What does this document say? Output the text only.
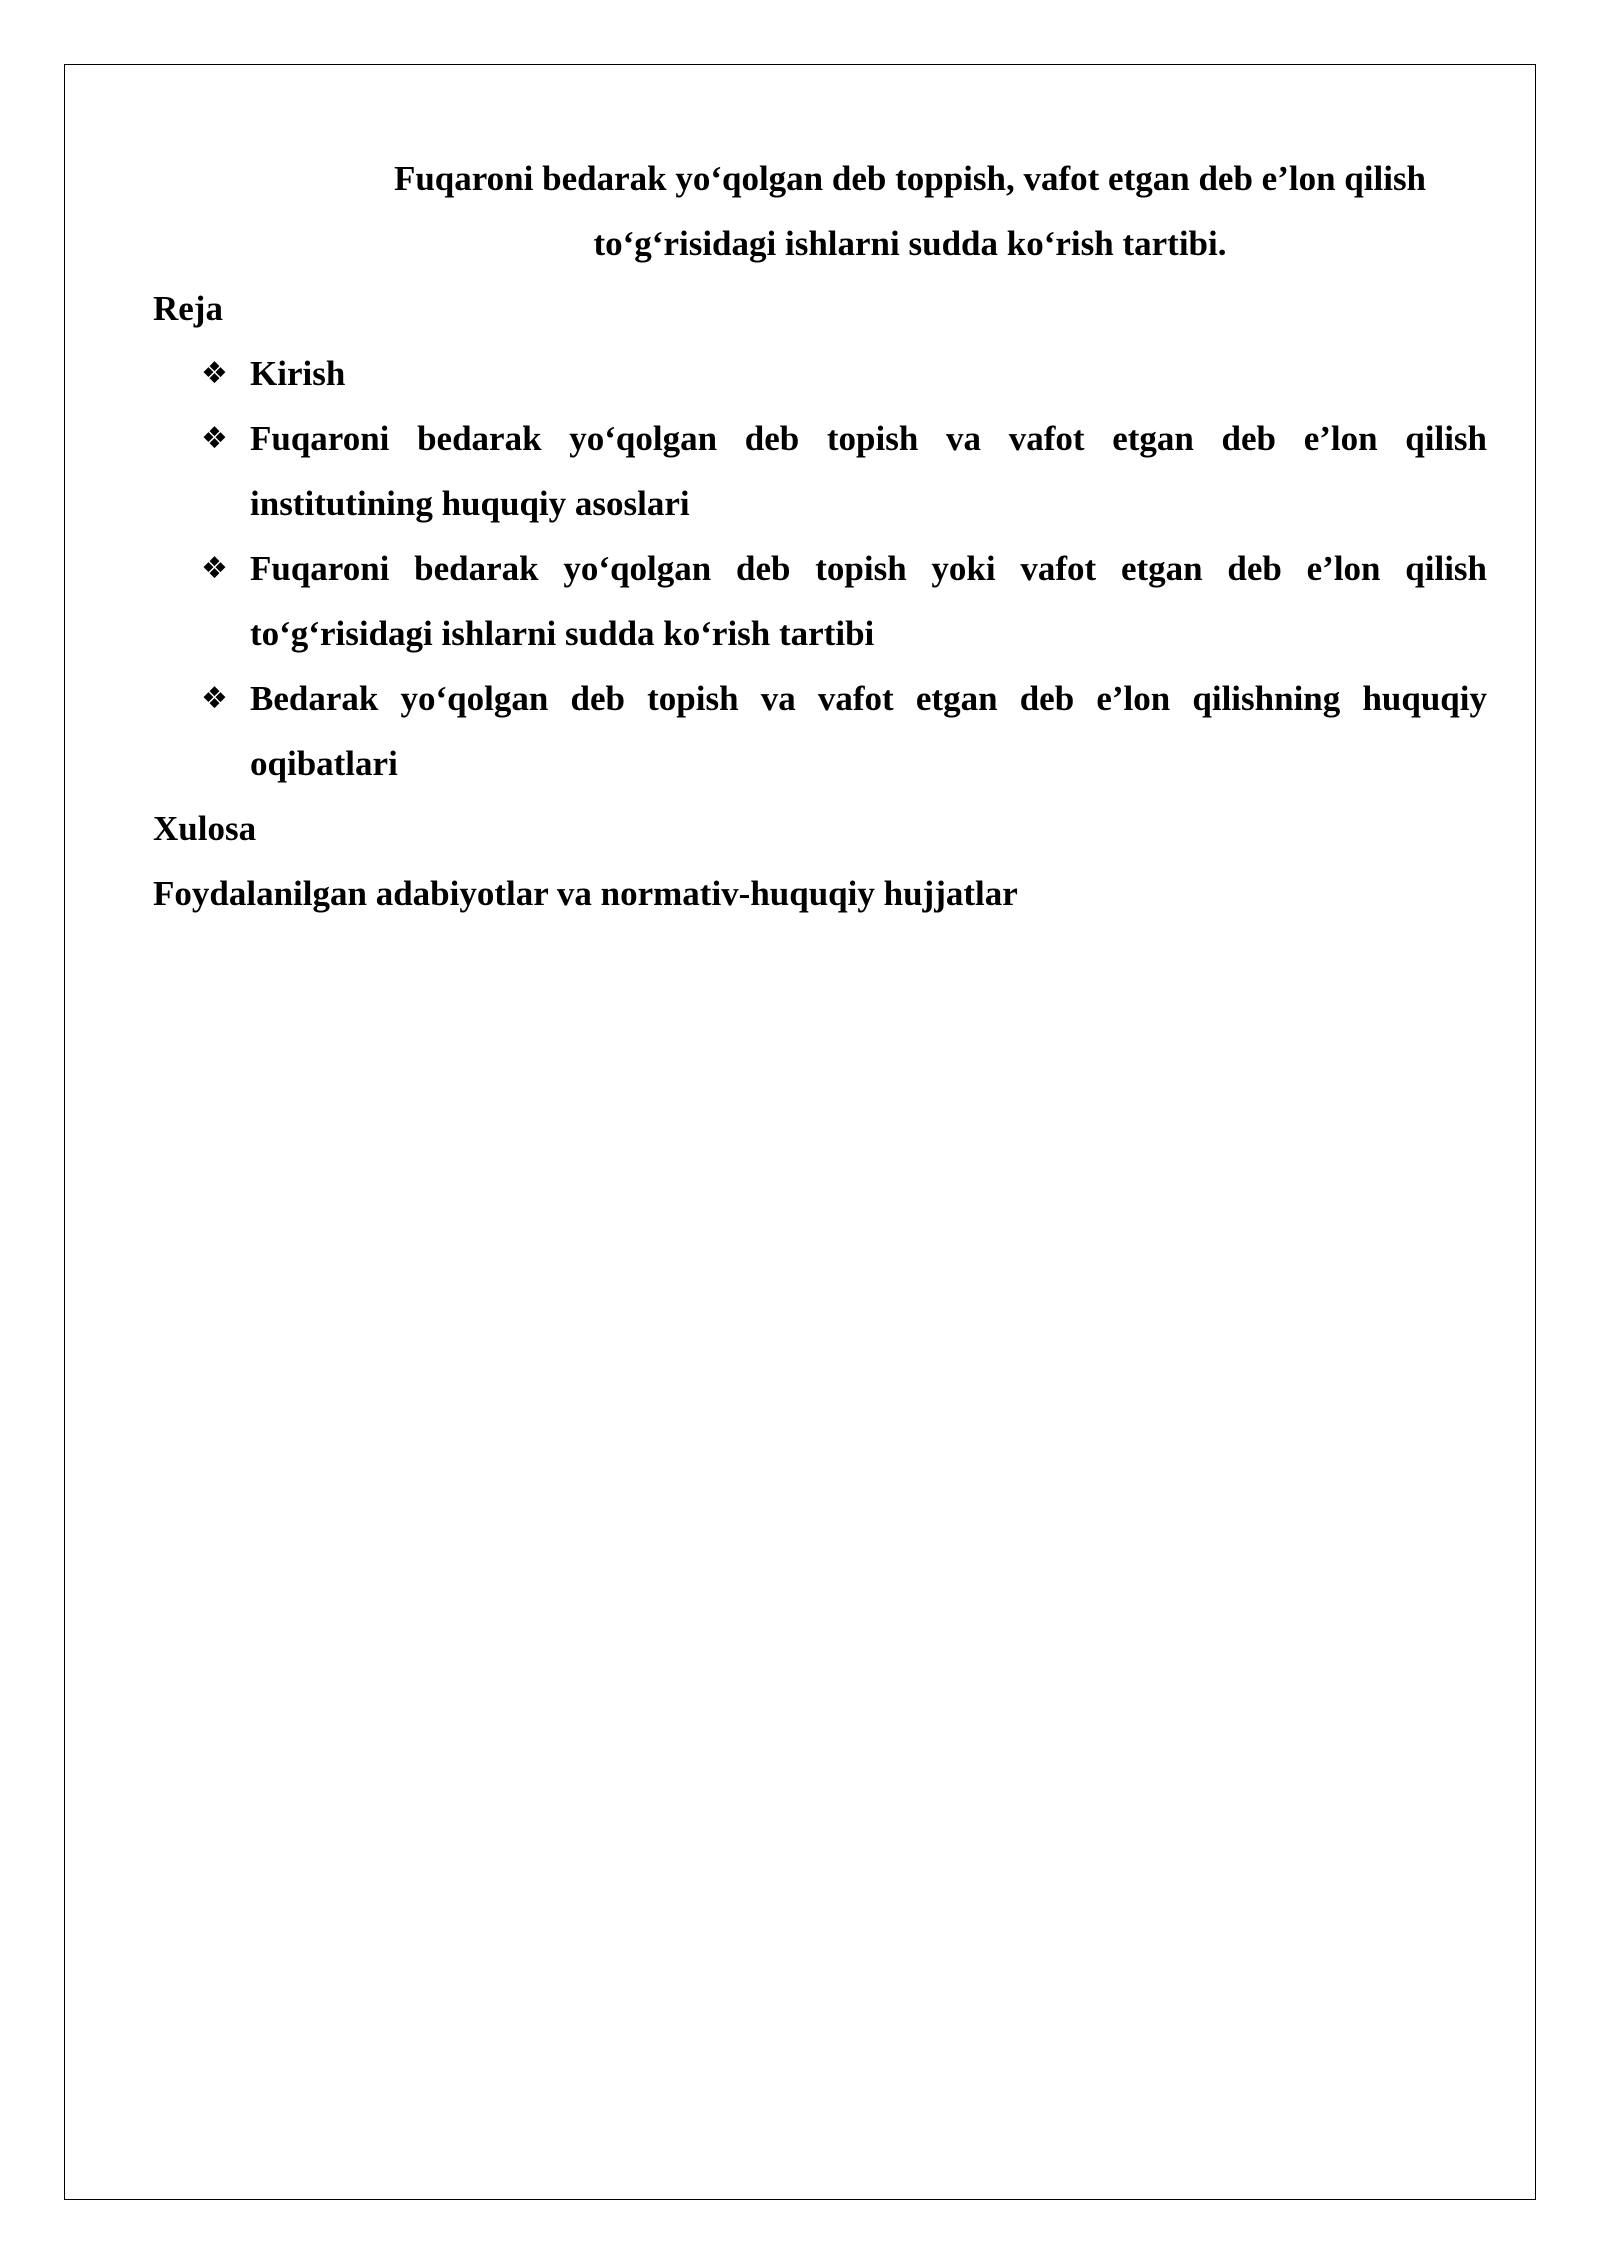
Fuqaroni bedarak yo‘qolgan deb toppish, vafot etgan deb e’lon qilish
to‘g‘risidagi ishlarni sudda ko‘rish tartibi.
Reja
❖ Kirish
❖ Fuqaroni bedarak yo‘qolgan deb topish va vafot etgan deb e’lon qilish institutining huquqiy asoslari
❖ Fuqaroni bedarak yo‘qolgan deb topish yoki vafot etgan deb e’lon qilish to‘g‘risidagi ishlarni sudda ko‘rish tartibi
❖ Bedarak yo‘qolgan deb topish va vafot etgan deb e’lon qilishning huquqiy oqibatlari
Xulosa
Foydalanilgan adabiyotlar va normativ-huquqiy hujjatlar
